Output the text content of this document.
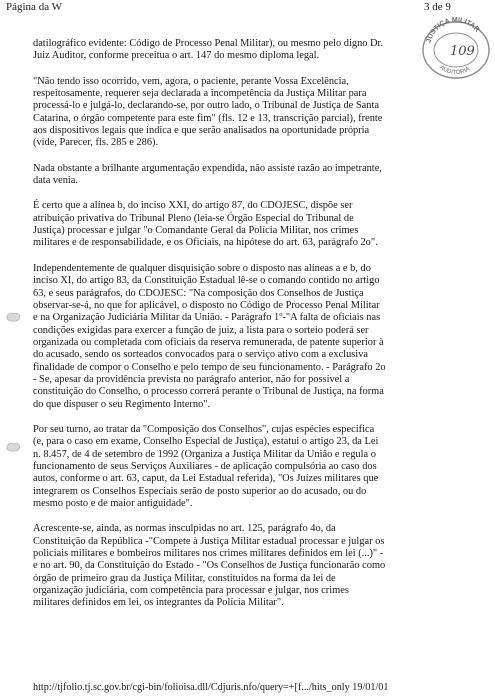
Página da W	3 de 9
JUSTIÇA MILITAR
AUDITORIA
109

datilográfico evidente: Código de Processo Penal Militar), ou mesmo pelo digno Dr.
Juiz Auditor, conforme preceitua o art. 147 do mesmo diploma legal.

"Não tendo isso ocorrido, vem, agora, o paciente, perante Vossa Excelência,
respeitosamente, requerer seja declarada a incompetência da Justiça Militar para
processá-lo e julgá-lo, declarando-se, por outro lado, o Tribunal de Justiça de Santa
Catarina, o órgão competente para este fim" (fls. 12 e 13, transcrição parcial), frente
aos dispositivos legais que indica e que serão analisados na oportunidade própria
(vide, Parecer, fls. 285 e 286).

Nada obstante a brilhante argumentação expendida, não assiste razão ao impetrante,
data venia.

É certo que a alínea b, do inciso XXI, do artigo 87, do CDOJESC, dispõe ser
atribuição privativa do Tribunal Pleno (leia-se Órgão Especial do Tribunal de
Justiça) processar e julgar "o Comandante Geral da Polícia Militar, nos crimes
militares e de responsabilidade, e os Oficiais, na hipótese do art. 63, parágrafo 2o".

Independentemente de qualquer disquisição sobre o disposto nas alíneas a e b, do
inciso XI, do artigo 83, da Constituição Estadual lê-se o comando contido no artigo
63, e seus parágrafos, do CDOJESC: "Na composição dos Conselhos de Justiça
observar-se-á, no que for aplicável, o disposto no Código de Processo Penal Militar
e na Organização Judiciária Militar da União. - Parágrafo 1º-"A falta de oficiais nas
condições exigidas para exercer a função de juiz, a lista para o sorteio poderá ser
organizada ou completada com oficiais da reserva remunerada, de patente superior à
do acusado, sendo os sorteados convocados para o serviço ativo com a exclusiva
finalidade de compor o Conselho e pelo tempo de seu funcionamento. - Parágrafo 2o
- Se, apesar da providência prevista no parágrafo anterior, não for possível a
constituição do Conselho, o processo correrá perante o Tribunal de Justiça, na forma
do que dispuser o seu Regimento Interno".

Por seu turno, ao tratar da "Composição dos Conselhos", cujas espécies especifica
(e, para o caso em exame, Conselho Especial de Justiça), estatui o artigo 23, da Lei
n. 8.457, de 4 de setembro de 1992 (Organiza a Justiça Militar da União e regula o
funcionamento de seus Serviços Auxiliares - de aplicação compulsória ao caso dos
autos, conforme o art. 63, caput, da Lei Estadual referida), "Os Juízes militares que
integrarem os Conselhos Especiais serão de posto superior ao do acusado, ou do
mesmo posto e de maior antiguidade".

Acrescente-se, ainda, as normas insculpidas no art. 125, parágrafo 4o, da
Constituição da República -"Compete à Justiça Militar estadual processar e julgar os
policiais militares e bombeiros militares nos crimes militares definidos em lei (...)" -
e no art. 90, da Constituição do Estado - "Os Conselhos de Justiça funcionarão como
órgão de primeiro grau da Justiça Militar, constituídos na forma da lei de
organização judiciária, com competência para processar e julgar, nos crimes
militares definidos em lei, os integrantes da Polícia Militar".

http://tjfolio.tj.sc.gov.br/cgi-bin/folioisa.dll/Cdjuris.nfo/query=+[f.../hits_only 19/01/01
